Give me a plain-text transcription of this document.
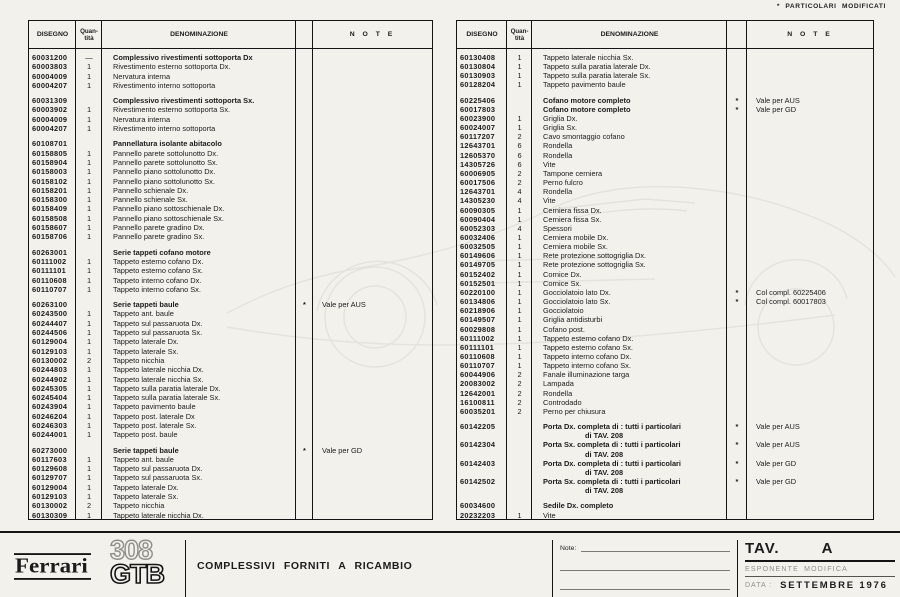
* PARTICOLARI MODIFICATI
DISEGNO	Quan-
tità	DENOMINAZIONE	N O T E
60031200	—	Complessivo rivestimenti sottoporta Dx
60003803	1	Rivestimento esterno sottoporta Dx.
60004009	1	Nervatura interna
60004207	1	Rivestimento interno sottoporta
60031309	Complessivo rivestimenti sottoporta Sx.
60003902	1	Rivestimento esterno sottoporta Sx.
60004009	1	Nervatura interna
60004207	1	Rivestimento interno sottoporta
60108701	Pannellatura isolante abitacolo
60158805	1	Pannello parete sottolunotto Dx.
60158904	1	Pannello parete sottolunotto Sx.
60158003	1	Pannello piano sottolunotto Dx.
60158102	1	Pannello piano sottolunotto Sx.
60158201	1	Pannello schienale Dx.
60158300	1	Pannello schienale Sx.
60158409	1	Pannello piano sottoschienale Dx.
60158508	1	Pannello piano sottoschienale Sx.
60158607	1	Pannello parete gradino Dx.
60158706	1	Pannello parete gradino Sx.
60263001	Serie tappeti cofano motore
60111002	1	Tappeto esterno cofano Dx.
60111101	1	Tappeto esterno cofano Sx.
60110608	1	Tappeto interno cofano Dx.
60110707	1	Tappeto interno cofano Sx.
60263100	Serie tappeti baule	*	Vale per AUS
60243500	1	Tappeto ant. baule
60244407	1	Tappeto sul passaruota Dx.
60244506	1	Tappeto sul passaruota Sx.
60129004	1	Tappeto laterale Dx.
60129103	1	Tappeto laterale Sx.
60130002	2	Tappeto nicchia
60244803	1	Tappeto laterale nicchia Dx.
60244902	1	Tappeto laterale nicchia Sx.
60245305	1	Tappeto sulla paratia laterale Dx.
60245404	1	Tappeto sulla paratia laterale Sx.
60243904	1	Tappeto pavimento baule
60246204	1	Tappeto post. laterale Dx
60246303	1	Tappeto post. laterale Sx.
60244001	1	Tappeto post. baule
60273000	Serie tappeti baule	*	Vale per GD
60117603	1	Tappeto ant. baule
60129608	1	Tappeto sul passaruota Dx.
60129707	1	Tappeto sul passaruota Sx.
60129004	1	Tappeto laterale Dx.
60129103	1	Tappeto laterale Sx.
60130002	2	Tappeto nicchia
60130309	1	Tappeto laterale nicchia Dx.
DISEGNO	Quan-
tità	DENOMINAZIONE	N O T E
60130408	1	Tappeto laterale nicchia Sx.
60130804	1	Tappeto sulla paratia laterale Dx.
60130903	1	Tappeto sulla paratia laterale Sx.
60128204	1	Tappeto pavimento baule
60225406	Cofano motore completo	*	Vale per AUS
60017803	Cofano motore completo	*	Vale per GD
60023900	1	Griglia Dx.
60024007	1	Griglia Sx.
60117207	2	Cavo smontaggio cofano
12643701	6	Rondella
12605370	6	Rondella
14305726	6	Vite
60006905	2	Tampone cerniera
60017506	2	Perno fulcro
12643701	4	Rondella
14305230	4	Vite
60090305	1	Cerniera fissa Dx.
60090404	1	Cerniera fissa Sx.
60052303	4	Spessori
60032406	1	Cerniera mobile Dx.
60032505	1	Cerniera mobile Sx.
60149606	1	Rete protezione sottogriglia Dx.
60149705	1	Rete protezione sottogriglia Sx.
60152402	1	Cornice Dx.
60152501	1	Cornice Sx.
60220100	1	Gocciolatoio lato Dx.	*	Col compl. 60225406
60134806	1	Gocciolatoio lato Sx.	*	Col compl. 60017803
60218906	1	Gocciolatoio
60149507	1	Griglia antidisturbi
60029808	1	Cofano post.
60111002	1	Tappeto esterno cofano Dx.
60111101	1	Tappeto esterno cofano Sx.
60110608	1	Tappeto interno cofano Dx.
60110707	1	Tappeto interno cofano Sx.
60044906	2	Fanale illuminazione targa
20083002	2	Lampada
12642001	2	Rondella
16100811	2	Controdado
60035201	2	Perno per chiusura
60142205	Porta Dx. completa di : tutti i particolari
di TAV. 208
*	Vale per AUS
60142304	Porta Sx. completa di : tutti i particolari
di TAV. 208
*	Vale per AUS
60142403	Porta Dx. completa di : tutti i particolari
di TAV. 208
*	Vale per GD
60142502	Porta Sx. completa di : tutti i particolari
di TAV. 208
*	Vale per GD
60034600	Sedile Dx. completo
20232203	1	Vite
Ferrari
308
GTB	COMPLESSIVI FORNITI A RICAMBIO
Note:	TAV.	A
ESPONENTE MODIFICA
DATA : SETTEMBRE 1976
